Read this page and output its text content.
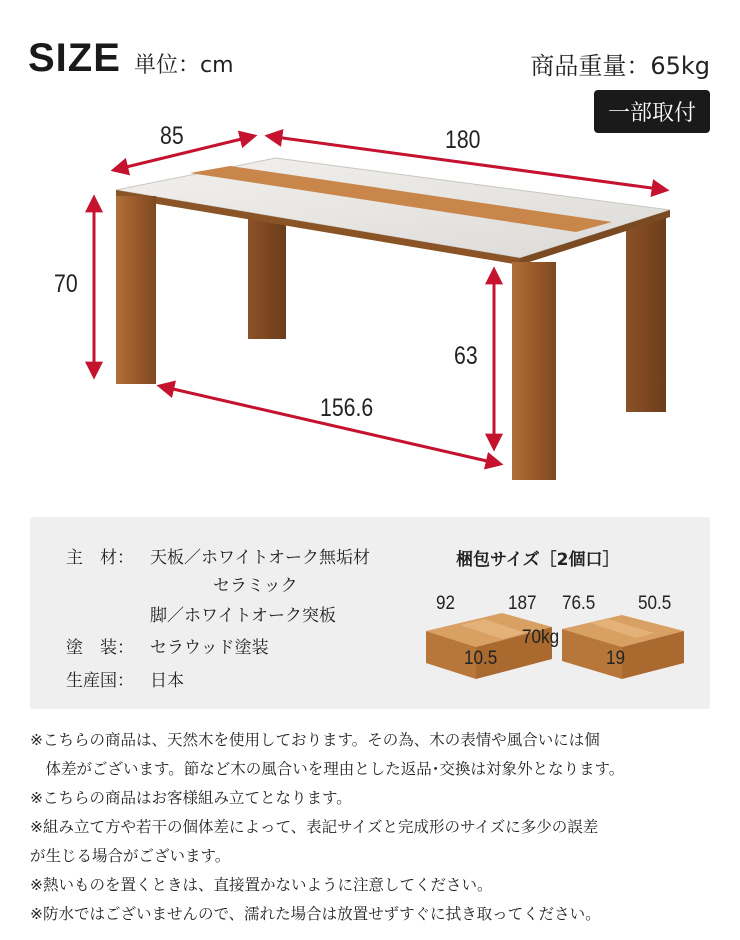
SIZE 単位：cm	商品重量：65kg
一部取付
85	180
70
63
156.6
主　材： 天板／ホワイトオーク無垢材
セラミック
脚／ホワイトオーク突板
塗　装： セラウッド塗装
生産国： 日本
梱包サイズ［2個口］
92	187 76.5 50.5
10.5
70kg
19
※こちらの商品は、天然木を使用しております。その為、木の表情や風合いには個
　体差がございます。節など木の風合いを理由とした返品･交換は対象外となります。
※こちらの商品はお客様組み立てとなります。
※組み立て方や若干の個体差によって、表記サイズと完成形のサイズに多少の誤差
が生じる場合がございます。
※熱いものを置くときは、直接置かないように注意してください。
※防水ではございませんので、濡れた場合は放置せずすぐに拭き取ってください。
